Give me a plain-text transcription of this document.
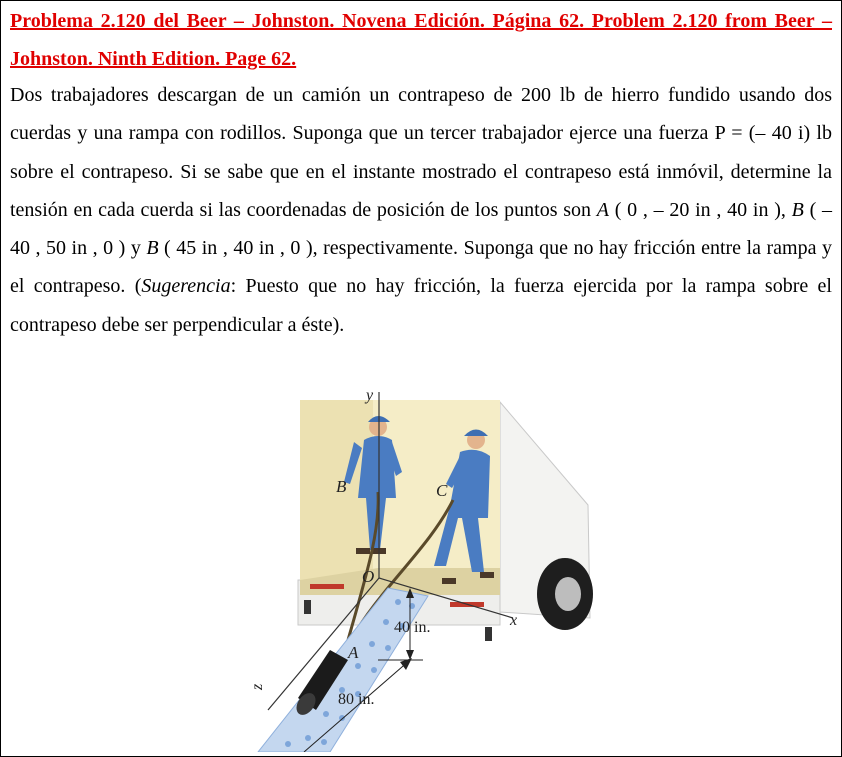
Problema 2.120 del Beer – Johnston. Novena Edición. Página 62. Problem 2.120 from Beer – Johnston. Ninth Edition. Page 62.
Dos trabajadores descargan de un camión un contrapeso de 200 lb de hierro fundido usando dos cuerdas y una rampa con rodillos. Suponga que un tercer trabajador ejerce una fuerza P = (– 40 i) lb sobre el contrapeso. Si se sabe que en el instante mostrado el contrapeso está inmóvil, determine la tensión en cada cuerda si las coordenadas de posición de los puntos son A ( 0 , – 20 in , 40 in ), B ( – 40 , 50 in , 0 ) y B ( 45 in , 40 in , 0 ), respectivamente. Suponga que no hay fricción entre la rampa y el contrapeso. (Sugerencia: Puesto que no hay fricción, la fuerza ejercida por la rampa sobre el contrapeso debe ser perpendicular a éste).
y
x
z
O
B	C
A
40 in.
80 in.
